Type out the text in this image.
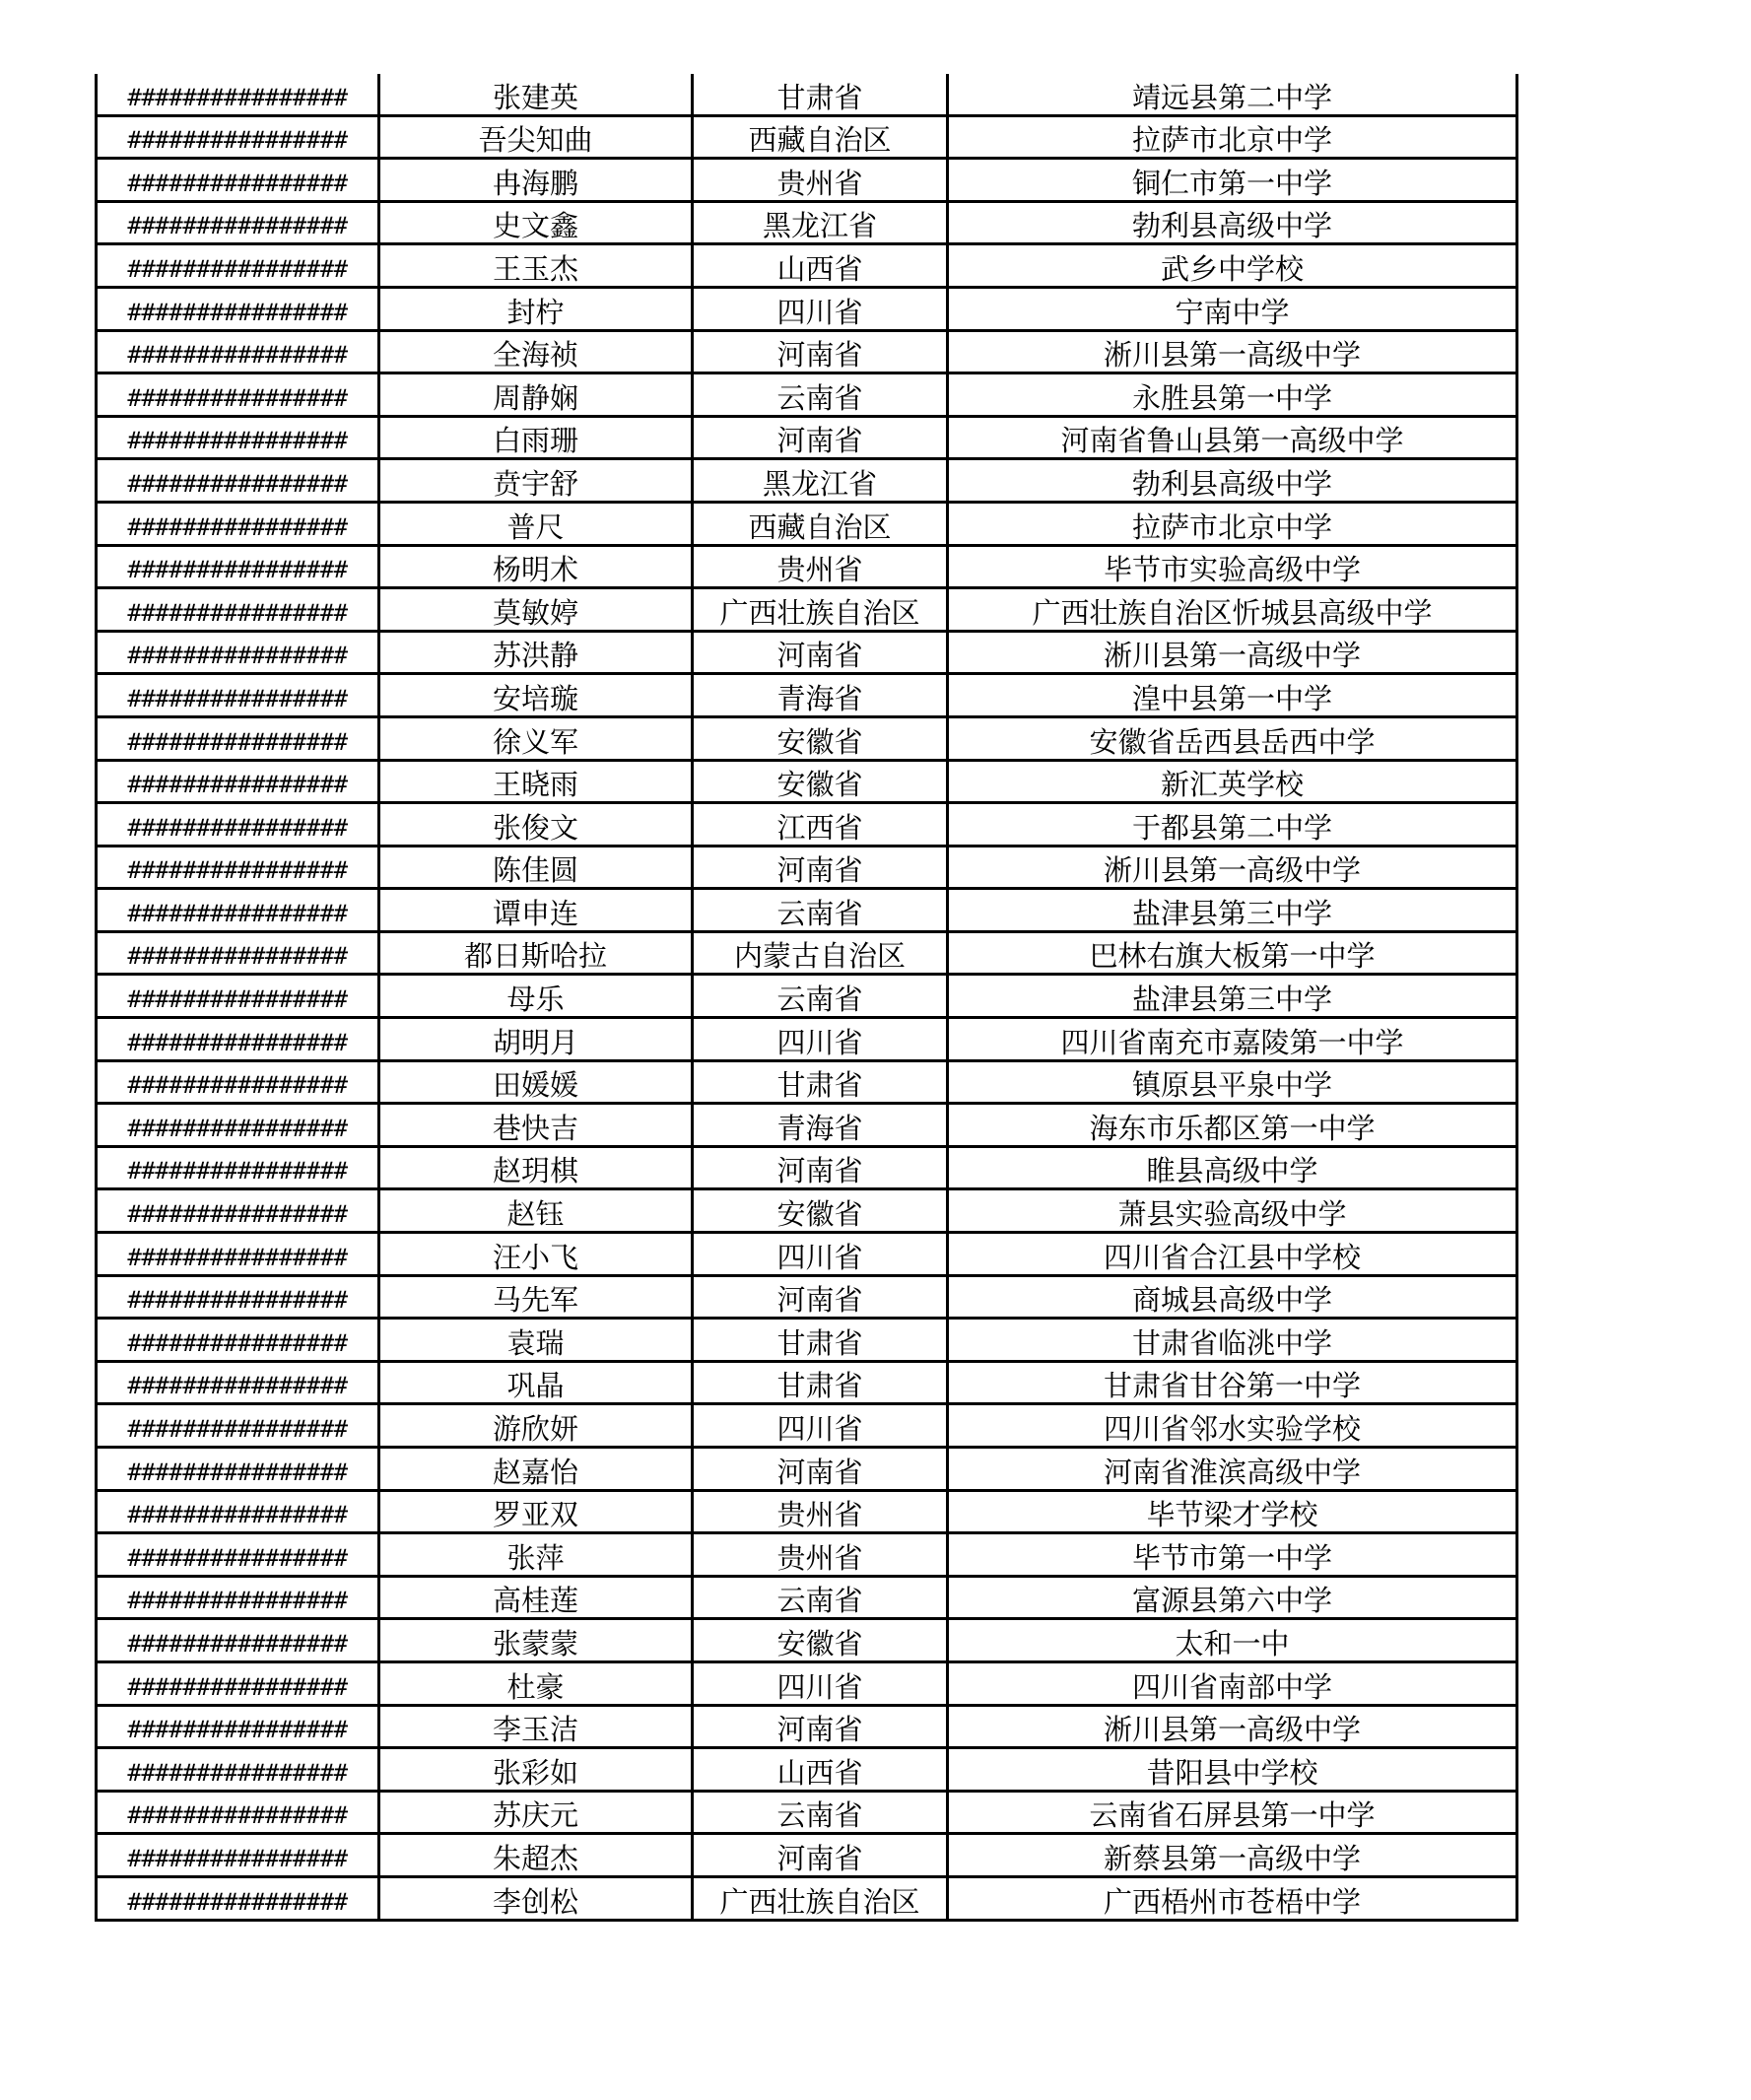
################	张建英	甘肃省	靖远县第二中学
################	吾尖知曲	西藏自治区	拉萨市北京中学
################	冉海鹏	贵州省	铜仁市第一中学
################	史文鑫	黑龙江省	勃利县高级中学
################	王玉杰	山西省	武乡中学校
################	封柠	四川省	宁南中学
################	全海祯	河南省	淅川县第一高级中学
################	周静娴	云南省	永胜县第一中学
################	白雨珊	河南省	河南省鲁山县第一高级中学
################	贲宇舒	黑龙江省	勃利县高级中学
################	普尺	西藏自治区	拉萨市北京中学
################	杨明术	贵州省	毕节市实验高级中学
################	莫敏婷	广西壮族自治区	广西壮族自治区忻城县高级中学
################	苏洪静	河南省	淅川县第一高级中学
################	安培璇	青海省	湟中县第一中学
################	徐义军	安徽省	安徽省岳西县岳西中学
################	王晓雨	安徽省	新汇英学校
################	张俊文	江西省	于都县第二中学
################	陈佳圆	河南省	淅川县第一高级中学
################	谭申连	云南省	盐津县第三中学
################	都日斯哈拉	内蒙古自治区	巴林右旗大板第一中学
################	母乐	云南省	盐津县第三中学
################	胡明月	四川省	四川省南充市嘉陵第一中学
################	田媛媛	甘肃省	镇原县平泉中学
################	巷快吉	青海省	海东市乐都区第一中学
################	赵玥棋	河南省	睢县高级中学
################	赵钰	安徽省	萧县实验高级中学
################	汪小飞	四川省	四川省合江县中学校
################	马先军	河南省	商城县高级中学
################	袁瑞	甘肃省	甘肃省临洮中学
################	巩晶	甘肃省	甘肃省甘谷第一中学
################	游欣妍	四川省	四川省邻水实验学校
################	赵嘉怡	河南省	河南省淮滨高级中学
################	罗亚双	贵州省	毕节梁才学校
################	张萍	贵州省	毕节市第一中学
################	高桂莲	云南省	富源县第六中学
################	张蒙蒙	安徽省	太和一中
################	杜豪	四川省	四川省南部中学
################	李玉洁	河南省	淅川县第一高级中学
################	张彩如	山西省	昔阳县中学校
################	苏庆元	云南省	云南省石屏县第一中学
################	朱超杰	河南省	新蔡县第一高级中学
################	李创松	广西壮族自治区	广西梧州市苍梧中学
